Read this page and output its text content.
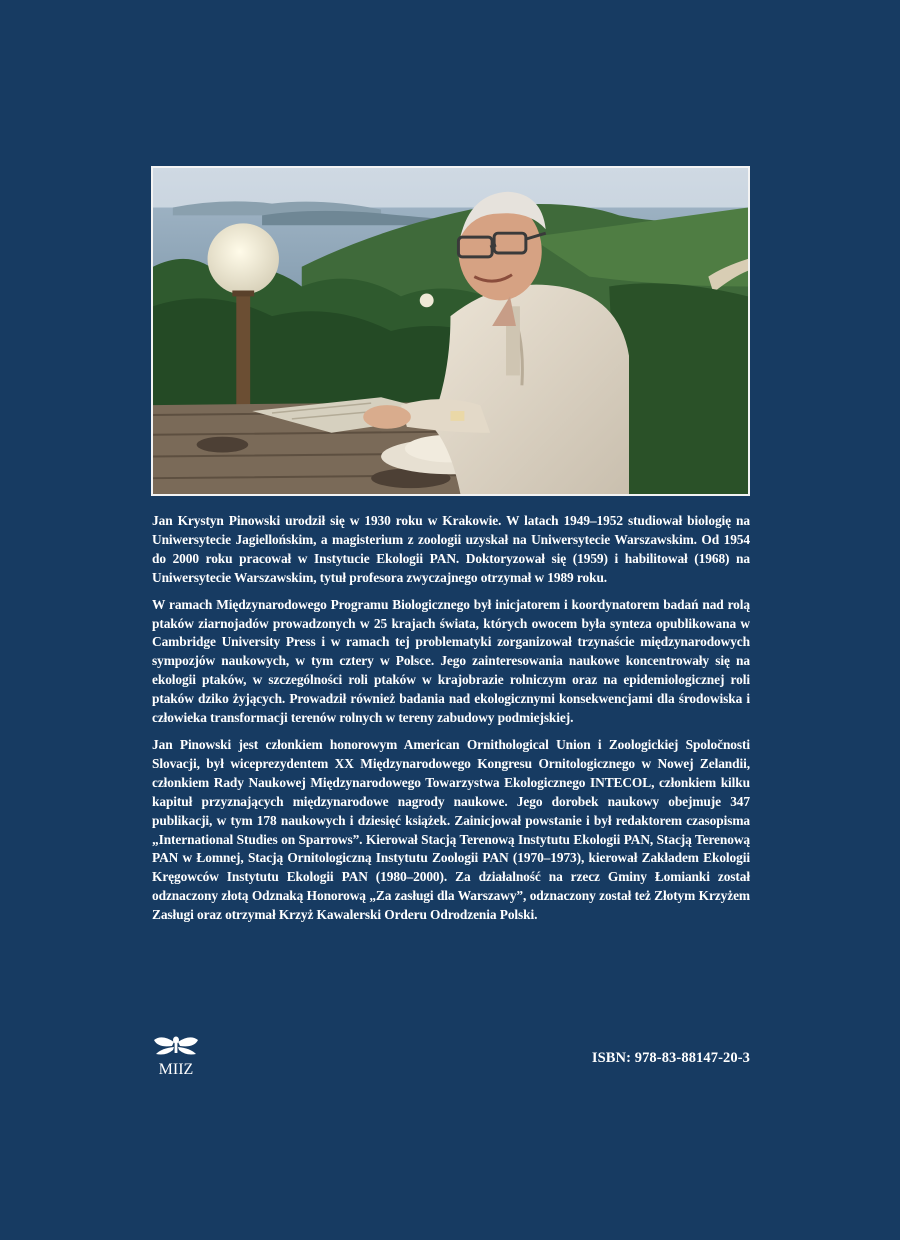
Jan Krystyn Pinowski urodził się w 1930 roku w Krakowie. W latach 1949–1952 studiował biologię na Uniwersytecie Jagiellońskim, a magisterium z zoologii uzyskał na Uniwersytecie Warszawskim. Od 1954 do 2000 roku pracował w Instytucie Ekologii PAN. Doktoryzował się (1959) i habilitował (1968) na Uniwersytecie Warszawskim, tytuł profesora zwyczajnego otrzymał w 1989 roku.

W ramach Międzynarodowego Programu Biologicznego był inicjatorem i koordynatorem badań nad rolą ptaków ziarnojadów prowadzonych w 25 krajach świata, których owocem była synteza opublikowana w Cambridge University Press i w ramach tej problematyki zorganizował trzynaście międzynarodowych sympozjów naukowych, w tym cztery w Polsce. Jego zainteresowania naukowe koncentrowały się na ekologii ptaków, w szczególności roli ptaków w krajobrazie rolniczym oraz na epidemiologicznej roli ptaków dziko żyjących. Prowadził również badania nad ekologicznymi konsekwencjami dla środowiska i człowieka transformacji terenów rolnych w tereny zabudowy podmiejskiej.

Jan Pinowski jest członkiem honorowym American Ornithological Union i Zoologickiej Spoločnosti Slovacji, był wiceprezydentem XX Międzynarodowego Kongresu Ornitologicznego w Nowej Zelandii, członkiem Rady Naukowej Międzynarodowego Towarzystwa Ekologicznego INTECOL, członkiem kilku kapituł przyznających międzynarodowe nagrody naukowe. Jego dorobek naukowy obejmuje 347 publikacji, w tym 178 naukowych i dziesięć książek. Zainicjował powstanie i był redaktorem czasopisma „International Studies on Sparrows”. Kierował Stacją Terenową Instytutu Ekologii PAN, Stacją Terenową PAN w Łomnej, Stacją Ornitologiczną Instytutu Zoologii PAN (1970–1973), kierował Zakładem Ekologii Kręgowców Instytutu Ekologii PAN (1980–2000). Za działalność na rzecz Gminy Łomianki został odznaczony złotą Odznaką Honorową „Za zasługi dla Warszawy”, odznaczony został też Złotym Krzyżem Zasługi oraz otrzymał Krzyż Kawalerski Orderu Odrodzenia Polski.

MIIZ
ISBN: 978-83-88147-20-3
